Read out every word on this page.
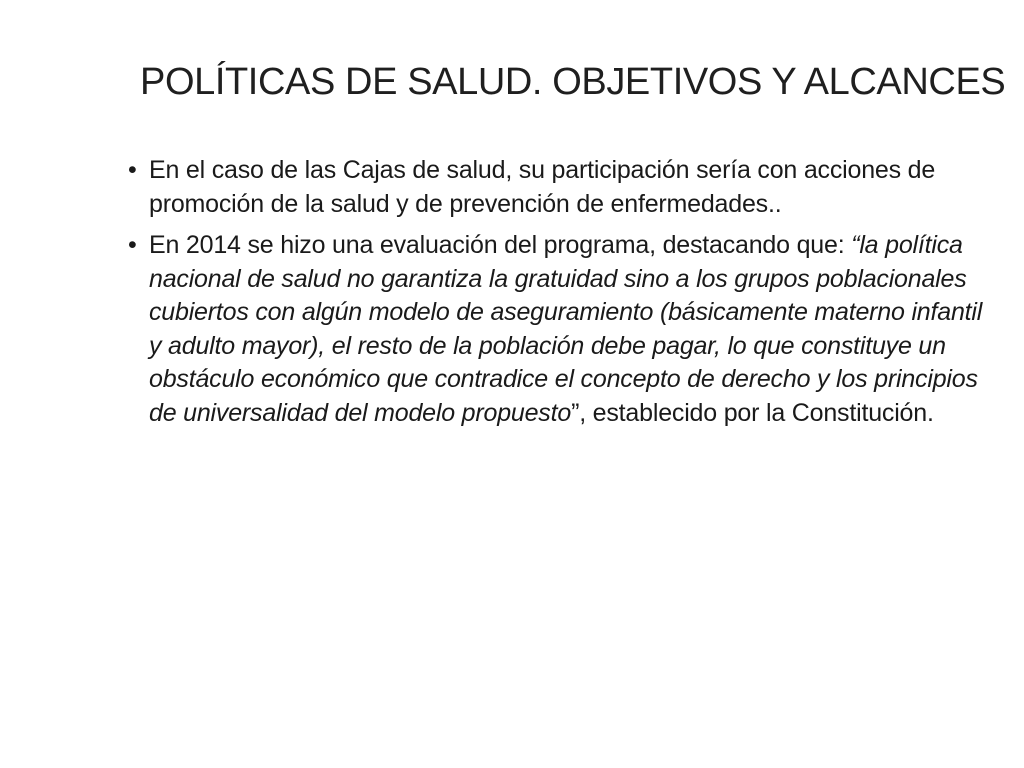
POLÍTICAS DE SALUD. OBJETIVOS Y ALCANCES
• En el caso de las Cajas de salud, su participación sería con acciones de promoción de la salud y de prevención de enfermedades..
• En 2014 se hizo una evaluación del programa, destacando que: “la política nacional de salud no garantiza la gratuidad sino a los grupos poblacionales cubiertos con algún modelo de aseguramiento (básicamente materno infantil y adulto mayor), el resto de la población debe pagar, lo que constituye un obstáculo económico que contradice el concepto de derecho y los principios de universalidad del modelo propuesto”, establecido por la Constitución.
